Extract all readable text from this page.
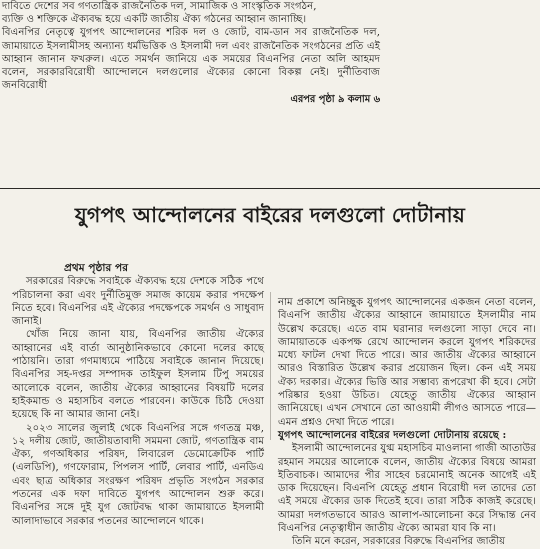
দাবিতে দেশের সব গণতান্ত্রিক রাজনৈতিক দল, সামাজিক ও সাংস্কৃতিক সংগঠন,

ব্যক্তি ও শক্তিকে ঐক্যবদ্ধ হয়ে একটি জাতীয় ঐক্য গঠনের আহ্বান জানাচ্ছি।

বিএনপির নেতৃত্বে যুগপৎ আন্দোলনের শরিক দল ও জোট, বাম-ডান সব রাজনৈতিক দল, জামায়াতে ইসলামীসহ অন্যান্য ধর্মভিত্তিক ও ইসলামী দল এবং রাজনৈতিক সংগঠনের প্রতি এই আহ্বান জানান ফখরুল। এতে সমর্থন জানিয়ে এক সময়ের বিএনপির নেতা অলি আহমদ বলেন, সরকারবিরোধী আন্দোলনে দলগুলোর ঐক্যের কোনো বিকল্প নেই। দুর্নীতিবাজ জনবিরোধী

এরপর পৃষ্ঠা ৯ কলাম ৬
যুগপৎ আন্দোলনের বাইরের দলগুলো দোটানায়

প্রথম পৃষ্ঠার পর

সরকারের বিরুদ্ধে সবাইকে ঐক্যবদ্ধ হয়ে দেশকে সঠিক পথে পরিচালনা করা এবং দুর্নীতিমুক্ত সমাজ কায়েম করার পদক্ষেপ নিতে হবে। বিএনপির এই ঐক্যের পদক্ষেপকে সমর্থন ও সাধুবাদ জানাই।

খোঁজ নিয়ে জানা যায়, বিএনপির জাতীয় ঐক্যের আহ্বানের এই বার্তা আনুষ্ঠানিকভাবে কোনো দলের কাছে পাঠায়নি। তারা গণমাধ্যমে পাঠিয়ে সবাইকে জানান দিয়েছে। বিএনপির সহ-দপ্তর সম্পাদক তাইফুল ইসলাম টিপু সময়ের আলোকে বলেন, জাতীয় ঐক্যের আহ্বানের বিষয়টি দলের হাইকমান্ড ও মহাসচিব বলতে পারবেন। কাউকে চিঠি দেওয়া হয়েছে কি না আমার জানা নেই।

২০২৩ সালের জুলাই থেকে বিএনপির সঙ্গে গণতন্ত্র মঞ্চ, ১২ দলীয় জোট, জাতীয়তাবাদী সমমনা জোট, গণতান্ত্রিক বাম ঐক্য, গণঅধিকার পরিষদ, লিবারেল ডেমোক্রেটিক পার্টি (এলডিপি), গণফোরাম, পিপলস পার্টি, লেবার পার্টি, এনডিএ এবং ছাত্র অধিকার সংরক্ষণ পরিষদ প্রভৃতি সংগঠন সরকার পতনের এক দফা দাবিতে যুগপৎ আন্দোলন শুরু করে। বিএনপির সঙ্গে দুই যুগ জোটবদ্ধ থাকা জামায়াতে ইসলামী আলাদাভাবে সরকার পতনের আন্দোলনে থাকে।

নাম প্রকাশে অনিচ্ছুক যুগপৎ আন্দোলনের একজন নেতা বলেন, বিএনপি জাতীয় ঐক্যের আহ্বানে জামায়াতে ইসলামীর নাম উল্লেখ করেছে। এতে বাম ঘরানার দলগুলো সাড়া দেবে না। জামায়াতকে একপক্ষ রেখে আন্দোলন করলে যুগপৎ শরিকদের মধ্যে ফাটল দেখা দিতে পারে। আর জাতীয় ঐক্যের আহ্বানে আরও বিস্তারিত উল্লেখ করার প্রয়োজন ছিল। কেন এই সময় ঐক্য দরকার। ঐক্যের ভিত্তি আর সম্ভাব্য রূপরেখা কী হবে। সেটা পরিষ্কার হওয়া উচিত। যেহেতু জাতীয় ঐক্যের আহ্বান জানিয়েছে। এখন সেখানে তো আওয়ামী লীগও আসতে পারে—এমন প্রশ্নও দেখা দিতে পারে।

যুগপৎ আন্দোলনের বাইরের দলগুলো দোটানায় রয়েছে :

ইসলামী আন্দোলনের যুগ্ম মহাসচিব মাওলানা গাজী আতাউর রহমান সময়ের আলোকে বলেন, জাতীয় ঐক্যের বিষয়ে আমরা ইতিবাচক। আমাদের পীর সাহেব চরমোনাই অনেক আগেই এই ডাক দিয়েছেন। বিএনপি যেহেতু প্রধান বিরোধী দল তাদের তো এই সময়ে ঐক্যের ডাক দিতেই হবে। তারা সঠিক কাজই করেছে। আমরা দলগতভাবে আরও আলাপ-আলোচনা করে সিদ্ধান্ত নেব বিএনপির নেতৃত্বাধীন জাতীয় ঐক্যে আমরা যাব কি না।

তিনি মনে করেন, সরকারের বিরুদ্ধে বিএনপির জাতীয়
